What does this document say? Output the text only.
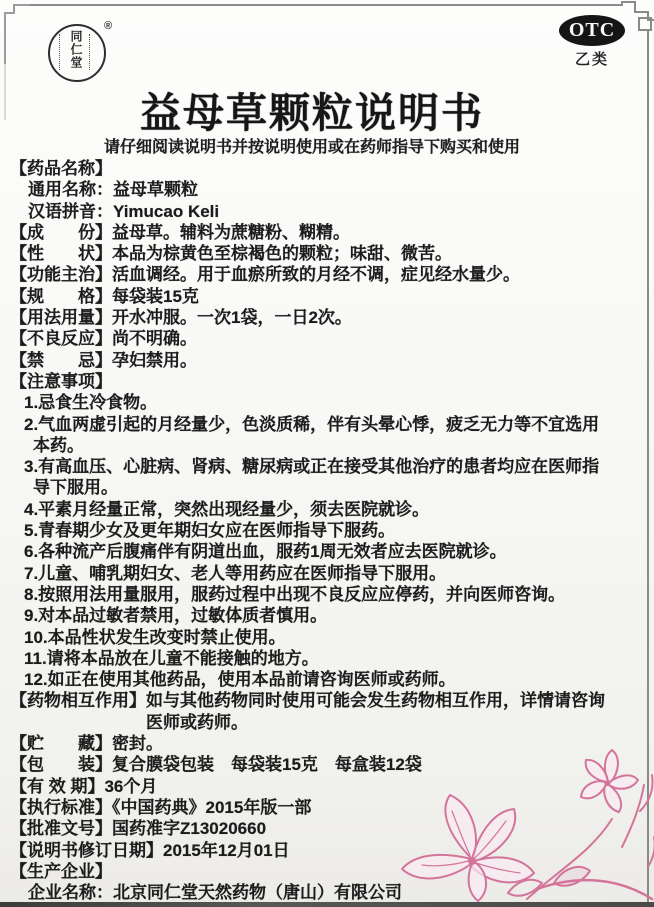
同仁堂
®	OTC
乙类
益母草颗粒说明书
请仔细阅读说明书并按说明使用或在药师指导下购买和使用
【药品名称】
通用名称：益母草颗粒
汉语拼音：Yimucao Keli
【成　　份】益母草。辅料为蔗糖粉、糊精。
【性　　状】本品为棕黄色至棕褐色的颗粒；味甜、微苦。
【功能主治】活血调经。用于血瘀所致的月经不调，症见经水量少。
【规　　格】每袋装15克
【用法用量】开水冲服。一次1袋，一日2次。
【不良反应】尚不明确。
【禁　　忌】孕妇禁用。
【注意事项】
1.忌食生冷食物。
2.气血两虚引起的月经量少，色淡质稀，伴有头晕心悸，疲乏无力等不宜选用
本药。
3.有高血压、心脏病、肾病、糖尿病或正在接受其他治疗的患者均应在医师指
导下服用。
4.平素月经量正常，突然出现经量少，须去医院就诊。
5.青春期少女及更年期妇女应在医师指导下服药。
6.各种流产后腹痛伴有阴道出血，服药1周无效者应去医院就诊。
7.儿童、哺乳期妇女、老人等用药应在医师指导下服用。
8.按照用法用量服用，服药过程中出现不良反应应停药，并向医师咨询。
9.对本品过敏者禁用，过敏体质者慎用。
10.本品性状发生改变时禁止使用。
11.请将本品放在儿童不能接触的地方。
12.如正在使用其他药品，使用本品前请咨询医师或药师。
【药物相互作用】如与其他药物同时使用可能会发生药物相互作用，详情请咨询
医师或药师。
【贮　　藏】密封。
【包　　装】复合膜袋包装　每袋装15克　每盒装12袋
【有 效 期】36个月
【执行标准】《中国药典》2015年版一部
【批准文号】国药准字Z13020660
【说明书修订日期】2015年12月01日
【生产企业】
企业名称：北京同仁堂天然药物（唐山）有限公司
